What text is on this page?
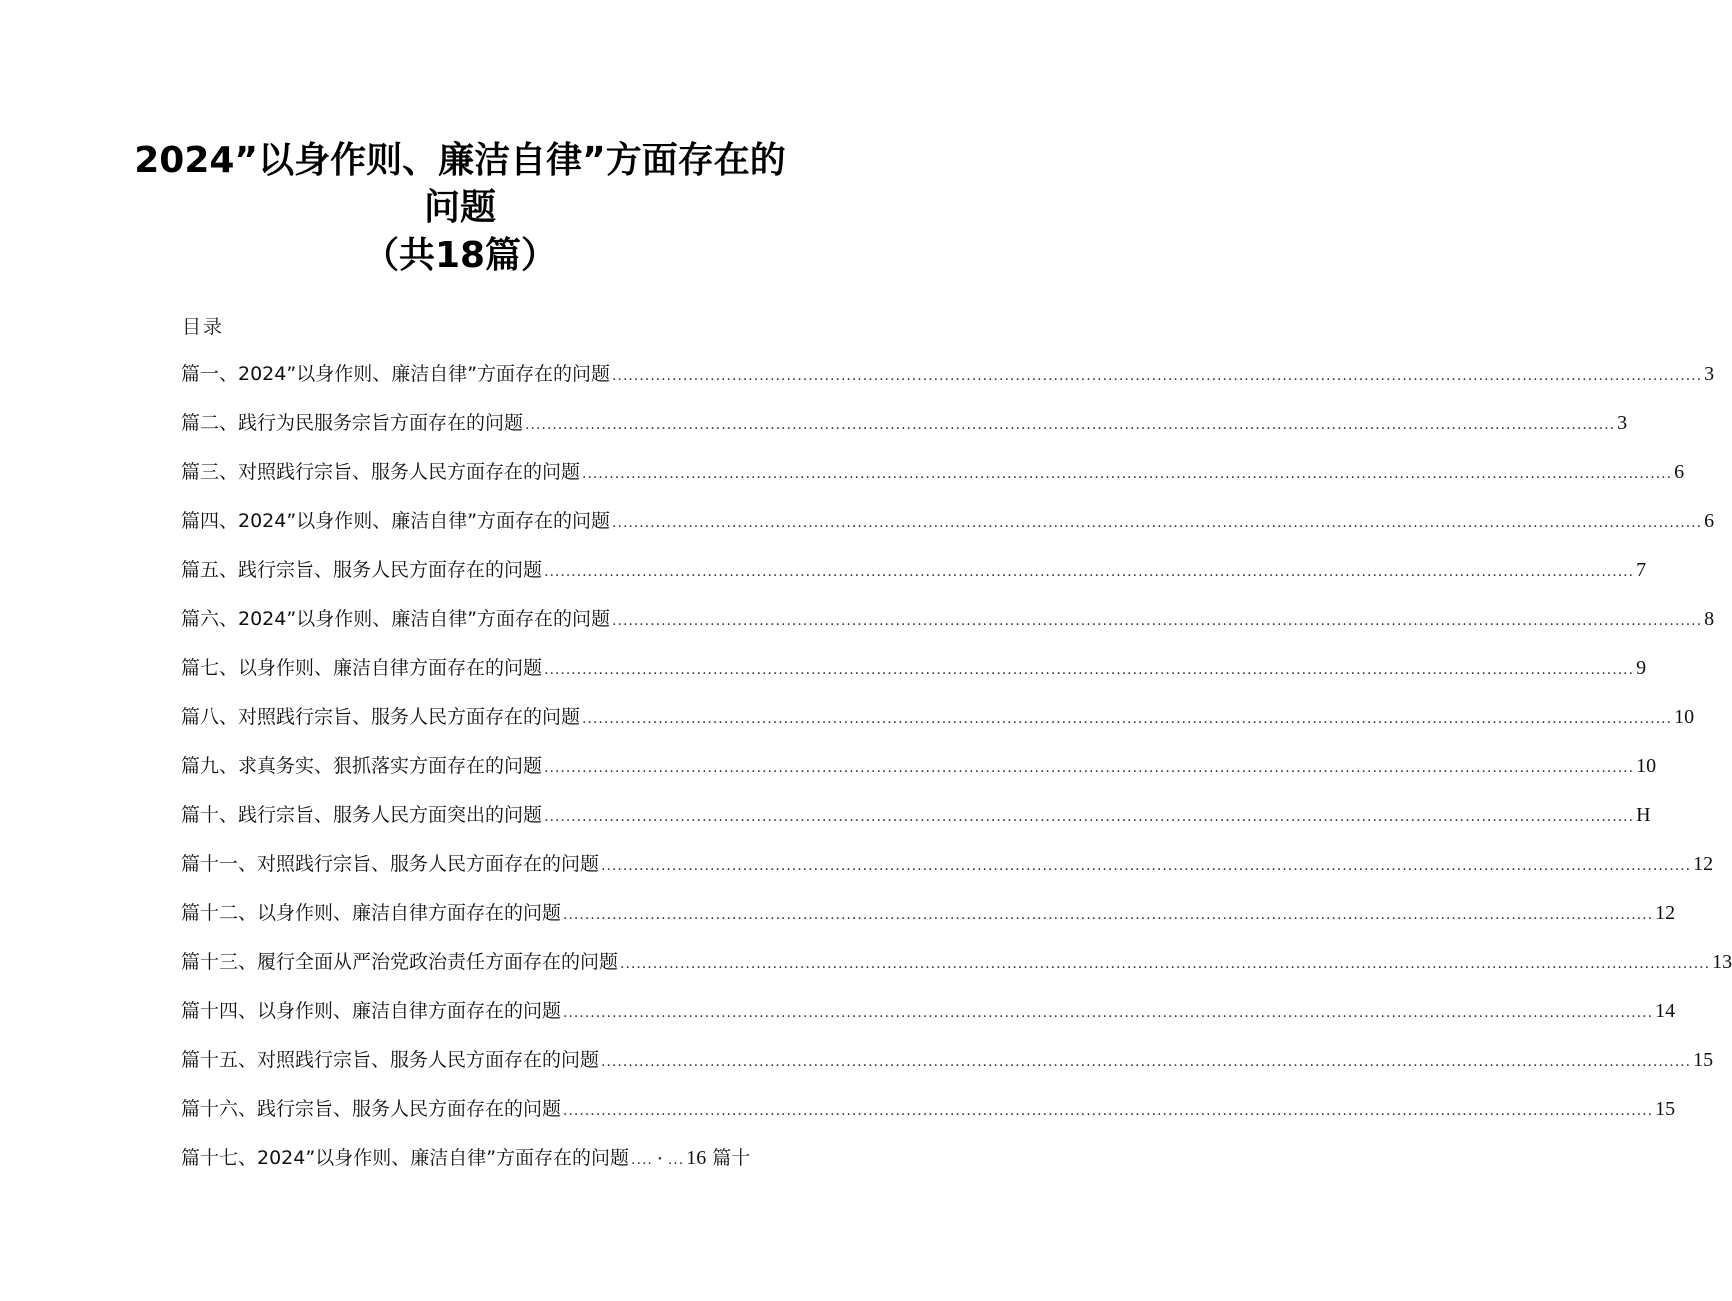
2024”以身作则、廉洁自律”方面存在的
问题
（共18篇）
目录
篇一、2024”以身作则、廉洁自律”方面存在的问题 ........................................................................................................................................................................................................ 3
篇二、践行为民服务宗旨方面存在的问题 ........................................................................................................................................................................................................ 3
篇三、对照践行宗旨、服务人民方面存在的问题 ........................................................................................................................................................................................................ 6
篇四、2024”以身作则、廉洁自律”方面存在的问题 ........................................................................................................................................................................................................ 6
篇五、践行宗旨、服务人民方面存在的问题 ........................................................................................................................................................................................................ 7
篇六、2024”以身作则、廉洁自律”方面存在的问题 ........................................................................................................................................................................................................ 8
篇七、以身作则、廉洁自律方面存在的问题 ........................................................................................................................................................................................................ 9
篇八、对照践行宗旨、服务人民方面存在的问题 ........................................................................................................................................................................................................ 10
篇九、求真务实、狠抓落实方面存在的问题 ........................................................................................................................................................................................................ 10
篇十、践行宗旨、服务人民方面突出的问题 ........................................................................................................................................................................................................ H
篇十一、对照践行宗旨、服务人民方面存在的问题 ........................................................................................................................................................................................................ 12
篇十二、以身作则、廉洁自律方面存在的问题 ........................................................................................................................................................................................................ 12
篇十三、履行全面从严治党政治责任方面存在的问题 ........................................................................................................................................................................................................ 13
篇十四、以身作则、廉洁自律方面存在的问题 ........................................................................................................................................................................................................ 14
篇十五、对照践行宗旨、服务人民方面存在的问题 ........................................................................................................................................................................................................ 15
篇十六、践行宗旨、服务人民方面存在的问题 ........................................................................................................................................................................................................ 15
篇十七、2024”以身作则、廉洁自律”方面存在的问题 ....・... 16 篇十
